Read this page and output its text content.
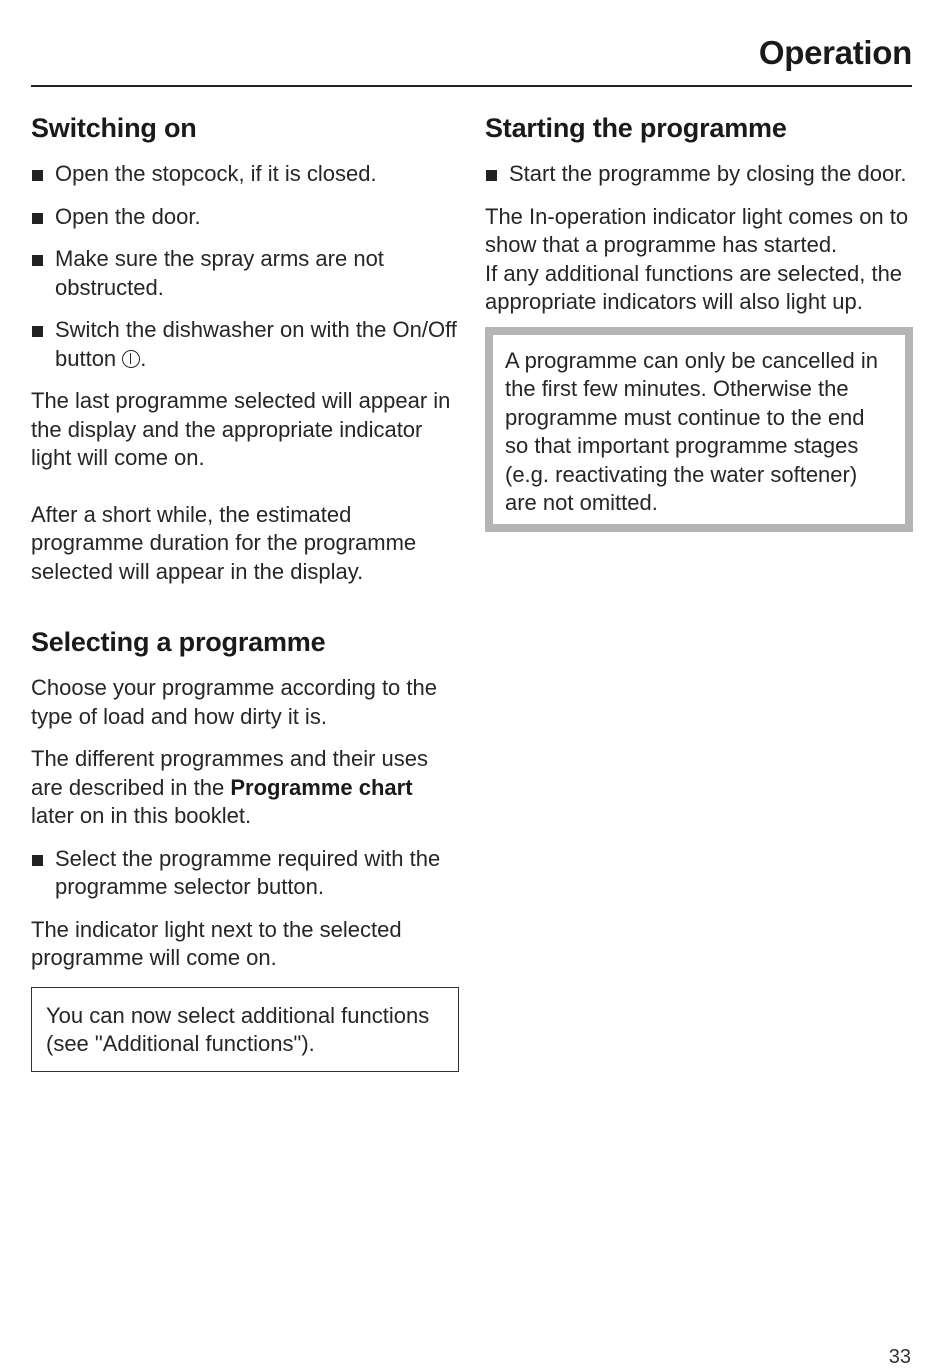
Operation
Switching on
Open the stopcock, if it is closed.
Open the door.
Make sure the spray arms are not obstructed.
Switch the dishwasher on with the On/Off button .

The last programme selected will appear in the display and the appropriate indicator light will come on.

After a short while, the estimated programme duration for the programme selected will appear in the display.

Selecting a programme

Choose your programme according to the type of load and how dirty it is.

The different programmes and their uses are described in the Programme chart later on in this booklet.

Select the programme required with the programme selector button.

The indicator light next to the selected programme will come on.

You can now select additional functions (see "Additional functions").

Starting the programme
Start the programme by closing the door.

The In-operation indicator light comes on to show that a programme has started.

If any additional functions are selected, the appropriate indicators will also light up.

A programme can only be cancelled in the first few minutes. Otherwise the programme must continue to the end so that important programme stages (e.g. reactivating the water softener) are not omitted.

33
